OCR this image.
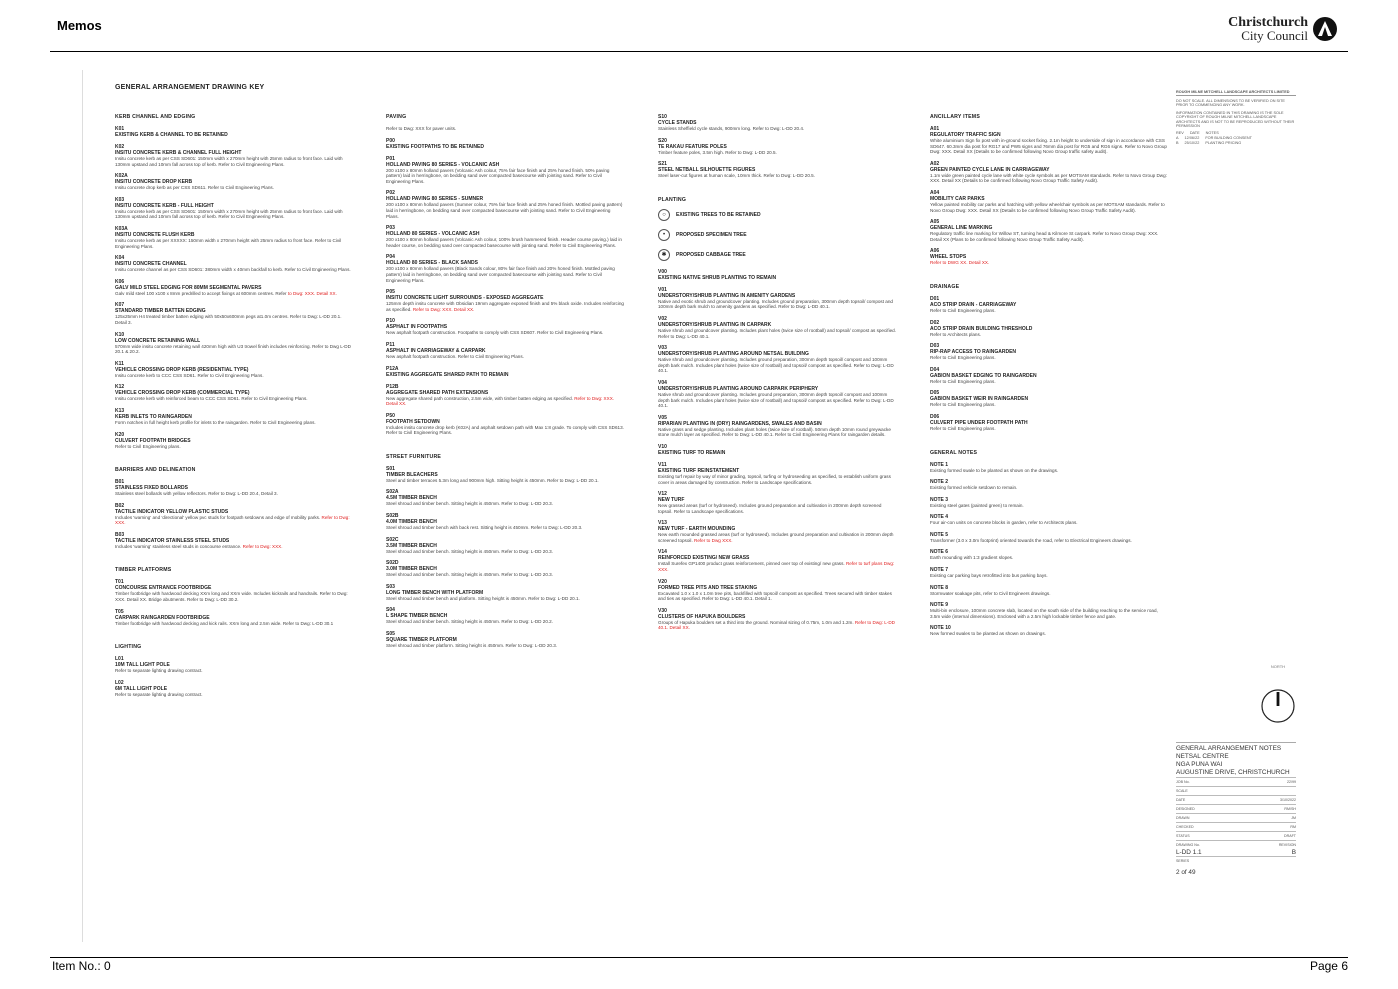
Memos	Christchurch
City Council
GENERAL ARRANGEMENT DRAWING KEY
KERB CHANNEL AND EDGING
K01
EXISTING KERB & CHANNEL TO BE RETAINED
K02
INSITU CONCRETE KERB & CHANNEL FULL HEIGHT
Insitu concrete kerb as per CSS SD601: 150mm width x 270mm height with 25mm radius to front face. Laid with 130mm upstand and 10mm fall across top of kerb. Refer to Civil Engineering Plans.
K02A
INSITU CONCRETE DROP KERB
Insitu concrete drop kerb as per CSS SD611. Refer to Civil Engineering Plans.
K03
INSITU CONCRETE KERB - FULL HEIGHT
Insitu concrete kerb as per CSS SD601: 150mm width x 270mm height with 25mm radius to front face. Laid with 130mm upstand and 10mm fall across top of kerb. Refer to Civil Engineering Plans.
K03A
INSITU CONCRETE FLUSH KERB
Insitu concrete kerb as per XXXXX: 150mm width x 270mm height with 25mm radius to front face. Refer to Civil Engineering Plans.
K04
INSITU CONCRETE CHANNEL
Insitu concrete channel as per CSS SD601: 380mm width x 40mm backfall to kerb. Refer to Civil Engineering Plans.
K06
GALV MILD STEEL EDGING FOR 80MM SEGMENTAL PAVERS
Galv mild steel 100 x100 x 8mm predrilled to accept fixings at 600mm centres. Refer to Dwg: XXX. Detail XX.
K07
STANDARD TIMBER BATTEN EDGING
125x25mm H4 treated timber batten edging with 50x50x600mm pegs at1.0m centres. Refer to Dwg: L-DD 20.1. Detail 3.
K10
LOW CONCRETE RETAINING WALL
570mm wide insitu concrete retaining wall 420mm high with U3 trowel finish includes reinforcing. Refer to Dwg L-DD 20.1 & 20.2.
K11
VEHICLE CROSSING DROP KERB (RESIDENTIAL TYPE)
Insitu concrete kerb to CCC CSS SD61. Refer to Civil Engineering Plans.
K12
VEHICLE CROSSING DROP KERB (COMMERCIAL TYPE)
Insitu concrete kerb with reinforced beam to CCC CSS SD61. Refer to Civil Engineering Plans.
K13
KERB INLETS TO RAINGARDEN
Form notches in full height kerb profile for inlets to the raingarden. Refer to Civil Engineering plans.
K20
CULVERT FOOTPATH BRIDGES
Refer to Civil Engineering plans.
BARRIERS AND DELINEATION
B01
STAINLESS FIXED BOLLARDS
Stainless steel bollards with yellow reflectors. Refer to Dwg: L-DD 20.4, Detail 3.
B02
TACTILE INDICATOR YELLOW PLASTIC STUDS
Includes 'warning' and 'directional' yellow pvc studs for footpath setdowns and edge of mobility parks. Refer to Dwg: XXX.
B03
TACTILE INDICATOR STAINLESS STEEL STUDS
Includes 'warning' stainless steel studs in concourse entrance. Refer to Dwg: XXX.
TIMBER PLATFORMS
T01
CONCOURSE ENTRANCE FOOTBRIDGE
Timber footbridge with hardwood decking XXm long and XXm wide. Includes kickrails and handrails. Refer to Dwg: XXX. Detail XX. Bridge abutments. Refer to Dwg: L-DD 30.2.
T05
CARPARK RAINGARDEN FOOTBRIDGE
Timber footbridge with hardwood decking and kick rails. XXm long and 2.5m wide. Refer to Dwg: L-DD 30.1
LIGHTING
L01
10M TALL LIGHT POLE
Refer to separate lighting drawing contract.
L02
6M TALL LIGHT POLE
Refer to separate lighting drawing contract.
PAVING
Refer to Dwg: XXX for paver units.
P00
EXISTING FOOTPATHS TO BE RETAINED
P01
HOLLAND PAVING 80 SERIES - VOLCANIC ASH
200 x100 x 80mm holland pavers (Volcanic Ash colour, 75% fair face finish and 25% honed finish. 50% paving pattern) laid in herringbone, on bedding sand over compacted basecourse with jointing sand. Refer to Civil Engineering Plans.
P02
HOLLAND PAVING 80 SERIES - SUMNER
200 x100 x 80mm holland pavers (Sumner colour, 75% fair face finish and 25% honed finish. Mottled paving pattern) laid in herringbone, on bedding sand over compacted basecourse with jointing sand. Refer to Civil Engineering Plans.
P03
HOLLAND 80 SERIES - VOLCANIC ASH
200 x100 x 80mm holland pavers (Volcanic Ash colour, 100% brush hammered finish. Header course paving.) laid in header course, on bedding sand over compacted basecourse with jointing sand. Refer to Civil Engineering Plans.
P04
HOLLAND 80 SERIES - BLACK SANDS
200 x100 x 80mm holland pavers (Black Sands colour, 80% fair face finish and 20% honed finish. Mottled paving pattern) laid in herringbone, on bedding sand over compacted basecourse with jointing sand. Refer to Civil Engineering Plans.
P05
INSITU CONCRETE LIGHT SURROUNDS - EXPOSED AGGREGATE
125mm depth insitu concrete with Obsidian 19mm aggregate exposed finish and 5% black oxide. Includes reinforcing as specified. Refer to Dwg: XXX. Detail XX.
P10
ASPHALT IN FOOTPATHS
New asphalt footpath construction. Footpaths to comply with CSS SD607. Refer to Civil Engineering Plans.
P11
ASPHALT IN CARRIAGEWAY & CARPARK
New asphalt footpath construction. Refer to Civil Engineering Plans.
P12A
EXISTING AGGREGATE SHARED PATH TO REMAIN
P12B
AGGREGATE SHARED PATH EXTENSIONS
New aggregate shared path construction, 2.5m wide, with timber batten edging as specified. Refer to Dwg: XXX. Detail XX.
P50
FOOTPATH SETDOWN
Includes insitu concrete drop kerb (K02A) and asphalt setdown path with Max 1:8 grade. To comply with CSS SD613. Refer to Civil Engineering Plans.
STREET FURNITURE
S01
TIMBER BLEACHERS
Steel and timber terraces 5.3m long and 900mm high. Sitting height is 450mm. Refer to Dwg: L-DD 20.1.
S02A
4.5M TIMBER BENCH
Steel shroud and timber bench. Sitting height is 450mm. Refer to Dwg: L-DD 20.3.
S02B
4.0M TIMBER BENCH
Steel shroud and timber bench with back rest. Sitting height is 450mm. Refer to Dwg: L-DD 20.3.
S02C
3.5M TIMBER BENCH
Steel shroud and timber bench. Sitting height is 450mm. Refer to Dwg: L-DD 20.3.
S02D
3.0M TIMBER BENCH
Steel shroud and timber bench. Sitting height is 450mm. Refer to Dwg: L-DD 20.3.
S03
LONG TIMBER BENCH WITH PLATFORM
Steel shroud and timber bench and platform. Sitting height is 450mm. Refer to Dwg: L-DD 20.1.
S04
L SHAPE TIMBER BENCH
Steel shroud and timber bench. Sitting height is 450mm. Refer to Dwg: L-DD 20.2.
S05
SQUARE TIMBER PLATFORM
Steel shroud and timber platform. Sitting height is 450mm. Refer to Dwg: L-DD 20.3.
S10
CYCLE STANDS
Stainless Sheffield cycle stands, 900mm long. Refer to Dwg: L-DD 20.4.
S20
TE RAKAU FEATURE POLES
Timber feature poles, 3.5m high. Refer to Dwg: L-DD 20.5.
S21
STEEL NETBALL SILHOUETTE FIGURES
Steel laser-cut figures at human scale, 10mm thick. Refer to Dwg: L-DD 20.5.
PLANTING
○	EXISTING TREES TO BE RETAINED
•	PROPOSED SPECIMEN TREE
✱	PROPOSED CABBAGE TREE
V00
EXISTING NATIVE SHRUB PLANTING TO REMAIN
V01
UNDERSTORY/SHRUB PLANTING IN AMENITY GARDENS
Native and exotic shrub and groundcover planting. Includes ground preparation, 300mm depth topsoil/ compost and 100mm depth bark mulch to amenity gardens as specified. Refer to Dwg: L-DD 40.1.
V02
UNDERSTORY/SHRUB PLANTING IN CARPARK
Native shrub and groundcover planting. Includes plant holes (twice size of rootball) and topsoil/ compost as specified. Refer to Dwg: L-DD 40.1.
V03
UNDERSTORY/SHRUB PLANTING AROUND NETSAL BUILDING
Native shrub and groundcover planting. Includes ground preparation, 300mm depth topsoil/ compost and 100mm depth bark mulch. Includes plant holes (twice size of rootball) and topsoil/ compost as specified. Refer to Dwg: L-DD 40.1.
V04
UNDERSTORY/SHRUB PLANTING AROUND CARPARK PERIPHERY
Native shrub and groundcover planting. Includes ground preparation, 300mm depth topsoil/ compost and 100mm depth bark mulch. Includes plant holes (twice size of rootball) and topsoil/ compost as specified. Refer to Dwg: L-DD 40.1.
V05
RIPARIAN PLANTING IN (DRY) RAINGARDENS, SWALES AND BASIN
Native grass and sedge planting. Includes plant holes (twice size of rootball). 50mm depth 10mm round greywacke stone mulch layer as specified. Refer to Dwg: L-DD 40.1. Refer to Civil Engineering Plans for raingarden details.
V10
EXISTING TURF TO REMAIN
V11
EXISTING TURF REINSTATEMENT
Existing turf repair by way of minor grading, topsoil, turfing or hydroseeding as specified, to establish uniform grass cover in areas damaged by construction. Refer to Landscape specifications.
V12
NEW TURF
New grassed areas (turf or hydroseed). Includes ground preparation and cultivation in 200mm depth screened topsoil. Refer to Landscape specifications.
V13
NEW TURF - EARTH MOUNDING
New earth mounded grassed areas (turf or hydroseed). Includes ground preparation and cultivation in 200mm depth screened topsoil. Refer to Dwg XXX.
V14
REINFORCED EXISTING/ NEW GRASS
Install Surefex GP1400 product grass reinforcement, pinned over top of existing/ new grass. Refer to turf plans Dwg: XXX.
V20
FORMED TREE PITS AND TREE STAKING
Excavated 1.0 x 1.0 x 1.0m tree pits, backfilled with topsoil/ compost as specified. Trees secured with timber stakes and ties as specified. Refer to Dwg: L-DD 40.1. Detail 1.
V30
CLUSTERS OF HAPUKA BOULDERS
Groups of Hapuka boulders set a third into the ground. Nominal sizing of 0.75m, 1.0m and 1.2m. Refer to Dwg: L-DD 40.1. Detail XX.
ANCILLARY ITEMS
A01
REGULATORY TRAFFIC SIGN
White aluminium Sign fix post with in-ground socket fixing. 2.1m height to underside of sign in accordance with CSS SD647. 60.3mm dia post for RG17 and PW5 signs and 76mm dia post for RG5 and RG6 signs. Refer to Novo Group Dwg: XXX. Detail XX (Details to be confirmed following Novo Group traffic safety audit).
A02
GREEN PAINTED CYCLE LANE IN CARRIAGEWAY
1.1m wide green painted cycle lane with white cycle symbols as per MOTSAM standards. Refer to Novo Group Dwg: XXX. Detail XX (Details to be confirmed following Novo Group Traffic Safety Audit).
A04
MOBILITY CAR PARKS
Yellow painted mobility car parks and hatching with yellow wheelchair symbols as per MOTSAM standards. Refer to Novo Group Dwg: XXX. Detail XX (Details to be confirmed following Novo Group Traffic Safety Audit).
A05
GENERAL LINE MARKING
Regulatory traffic line marking for Willow ST, turning head & Kilmore St carpark. Refer to Novo Group Dwg: XXX. Detail XX (Plans to be confirmed following Novo Group Traffic Safety Audit).
A06
WHEEL STOPS
Refer to DWG XX. Detail XX.
DRAINAGE
D01
ACO STRIP DRAIN - CARRIAGEWAY
Refer to Civil Engineering plans.
D02
ACO STRIP DRAIN BUILDING THRESHOLD
Refer to Architects plans.
D03
RIP-RAP ACCESS TO RAINGARDEN
Refer to Civil Engineering plans.
D04
GABION BASKET EDGING TO RAINGARDEN
Refer to Civil Engineering plans.
D05
GABION BASKET WEIR IN RAINGARDEN
Refer to Civil Engineering plans.
D06
CULVERT PIPE UNDER FOOTPATH PATH
Refer to Civil Engineering plans.
GENERAL NOTES
NOTE 1
Existing formed swale to be planted as shown on the drawings.
NOTE 2
Existing formed vehicle setdown to remain.
NOTE 3
Existing steel gates (painted green) to remain.
NOTE 4
Four air-con units on concrete blocks in garden, refer to Architects plans.
NOTE 5
Transformer (3.0 x 3.0m footprint) oriented towards the road, refer to Electrical Engineers drawings.
NOTE 6
Earth mounding with 1:3 gradient slopes.
NOTE 7
Existing car parking bays retrofitted into bus parking bays.
NOTE 8
Stormwater soakage pits, refer to Civil Engineers drawings.
NOTE 9
Multi-bin enclosure, 100mm concrete slab, located on the south side of the building reaching to the service road, 3.5m wide (internal dimensions). Enclosed with a 2.5m high lockable timber fence and gate.
NOTE 10
New formed swales to be planted as shown on drawings.
ROUGH MILNE MITCHELL LANDSCAPE ARCHITECTS LIMITED
DO NOT SCALE. ALL DIMENSIONS TO BE VERIFIED ON SITE PRIOR TO COMMENCING ANY WORK.
INFORMATION CONTAINED IN THIS DRAWING IS THE SOLE COPYRIGHT OF ROUGH MILNE MITCHELL LANDSCAPE ARCHITECTS AND IS NOT TO BE REPRODUCED WITHOUT THEIR PERMISSION
REV DATE NOTES
A 12/06/22 FOR BUILDING CONSENT
B 25/10/22 PLANTING PRICING
NORTH
GENERAL ARRANGEMENT NOTES
NETSAL CENTRE
NGA PUNA WAI
AUGUSTINE DRIVE, CHRISTCHURCH
JOB No.	22/99
SCALE
DATE	3/10/2022
DESIGNED	RM/SH
DRAWN	JM
CHECKED	RM
STATUS	DRAFT
DRAWING No.	REVISION
L-DD 1.1	B
SERIES
2 of 49
Item No.: 0	Page 6
